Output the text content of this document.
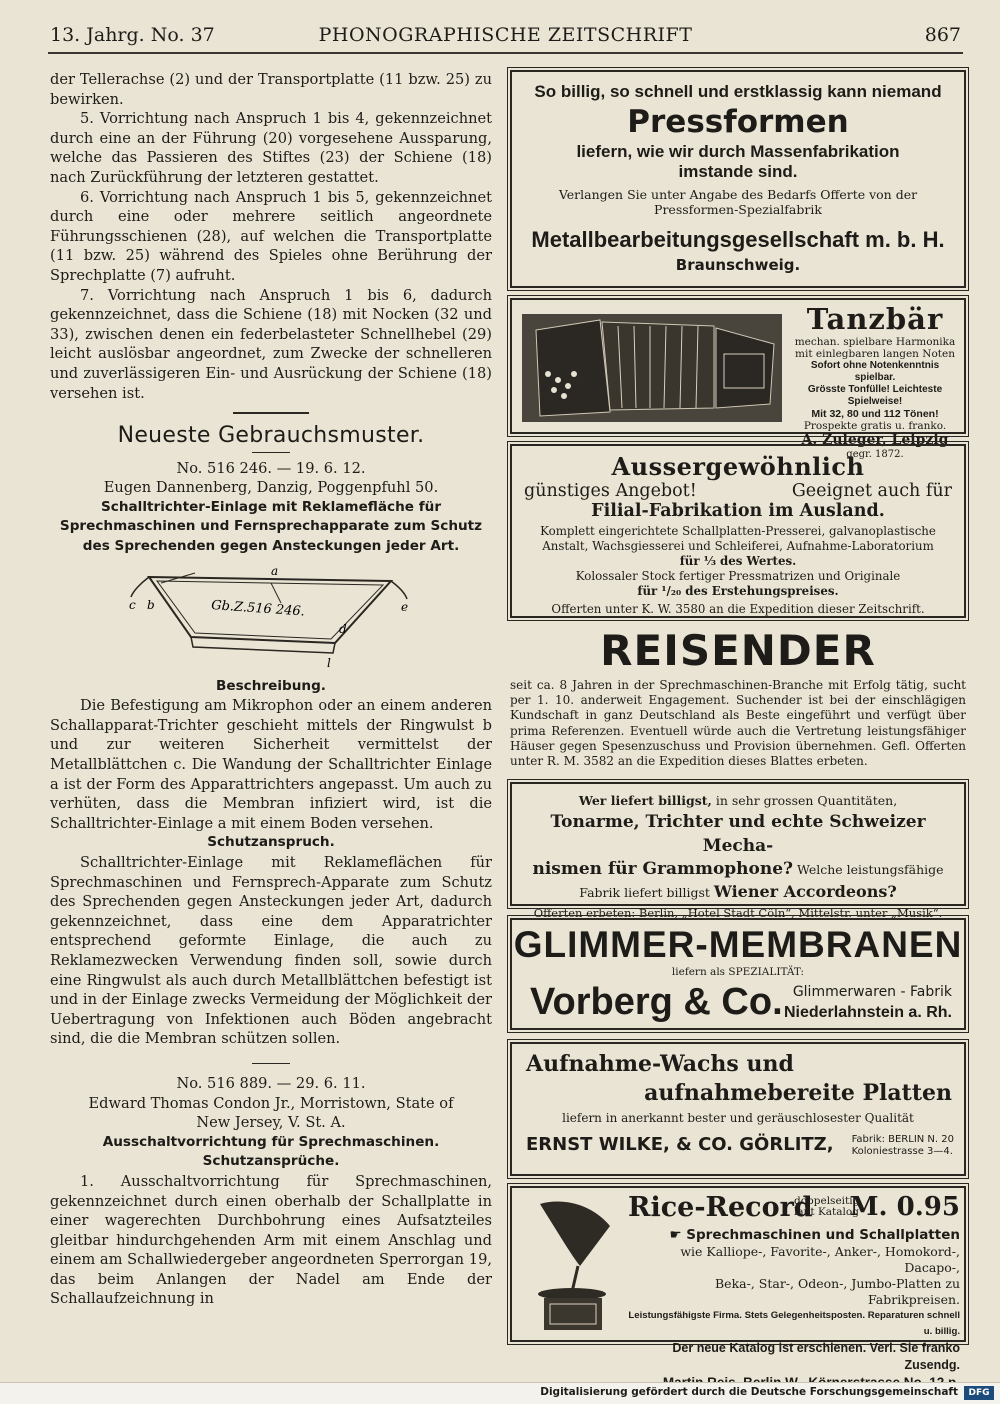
13. Jahrg. No. 37	PHONOGRAPHISCHE ZEITSCHRIFT	867

der Tellerachse (2) und der Transportplatte (11 bzw. 25) zu bewirken.

5. Vorrichtung nach Anspruch 1 bis 4, gekennzeichnet durch eine an der Führung (20) vorgesehene Aussparung, welche das Passieren des Stiftes (23) der Schiene (18) nach Zurückführung der letzteren gestattet.

6. Vorrichtung nach Anspruch 1 bis 5, gekennzeichnet durch eine oder mehrere seitlich angeordnete Führungsschienen (28), auf welchen die Transportplatte (11 bzw. 25) während des Spieles ohne Berührung der Sprechplatte (7) aufruht.

7. Vorrichtung nach Anspruch 1 bis 6, dadurch gekennzeichnet, dass die Schiene (18) mit Nocken (32 und 33), zwischen denen ein federbelasteter Schnellhebel (29) leicht auslösbar angeordnet, zum Zwecke der schnelleren und zuverlässigeren Ein- und Ausrückung der Schiene (18) versehen ist.

Neueste Gebrauchsmuster.

No. 516 246. — 19. 6. 12.

Eugen Dannenberg, Danzig, Poggenpfuhl 50.

Schalltrichter-Einlage mit Reklamefläche für Sprechmaschinen und Fernsprechapparate zum Schutz des Sprechenden gegen Ansteckungen jeder Art.

a
c b	e
d
l
Gb.Z.516 246.

Beschreibung.

Die Befestigung am Mikrophon oder an einem anderen Schallapparat-Trichter geschieht mittels der Ringwulst b und zur weiteren Sicherheit vermittelst der Metallblättchen c. Die Wandung der Schalltrichter Einlage a ist der Form des Apparattrichters angepasst. Um auch zu verhüten, dass die Membran infiziert wird, ist die Schalltrichter-Einlage a mit einem Boden versehen.

Schutzanspruch.

Schalltrichter-Einlage mit Reklameflächen für Sprechmaschinen und Fernsprech-Apparate zum Schutz des Sprechenden gegen Ansteckungen jeder Art, dadurch gekennzeichnet, dass eine dem Apparatrichter entsprechend geformte Einlage, die auch zu Reklamezwecken Verwendung finden soll, sowie durch eine Ringwulst als auch durch Metallblättchen befestigt ist und in der Einlage zwecks Vermeidung der Möglichkeit der Uebertragung von Infektionen auch Böden angebracht sind, die die Membran schützen sollen.

No. 516 889. — 29. 6. 11.

Edward Thomas Condon Jr., Morristown, State of New Jersey, V. St. A.

Ausschaltvorrichtung für Sprechmaschinen.

Schutzansprüche.

1. Ausschaltvorrichtung für Sprechmaschinen, gekennzeichnet durch einen oberhalb der Schallplatte in einer wagerechten Durchbohrung eines Aufsatzteiles gleitbar hindurchgehenden Arm mit einem Anschlag und einem am Schallwiedergeber angeordneten Sperrorgan 19, das beim Anlangen der Nadel am Ende der Schallaufzeichnung in

So billig, so schnell und erstklassig kann niemand

Pressformen

liefern, wie wir durch Massenfabrikation

imstande sind.

Verlangen Sie unter Angabe des Bedarfs Offerte von der

Pressformen-Spezialfabrik

Metallbearbeitungsgesellschaft m. b. H.

Braunschweig.

Tanzbär

mechan. spielbare Harmonika

mit einlegbaren langen Noten

Sofort ohne Notenkenntnis spielbar.

Grösste Tonfülle! Leichteste Spielweise!

Mit 32, 80 und 112 Tönen!

Prospekte gratis u. franko.

A. Zuleger, Leipzig

gegr. 1872.

Aussergewöhnlich

günstiges Angebot!	Geeignet auch für

Filial-Fabrikation im Ausland.

Komplett eingerichtete Schallplatten-Presserei, galvanoplastische

Anstalt, Wachsgiesserei und Schleiferei, Aufnahme-Laboratorium

für ⅓ des Wertes.

Kolossaler Stock fertiger Pressmatrizen und Originale

für ¹/₂₀ des Erstehungspreises.

Offerten unter K. W. 3580 an die Expedition dieser Zeitschrift.

REISENDER

seit ca. 8 Jahren in der Sprechmaschinen-Branche mit Erfolg tätig, sucht per 1. 10. anderweit Engagement. Suchender ist bei der einschlägigen Kundschaft in ganz Deutschland als Beste eingeführt und verfügt über prima Referenzen. Eventuell würde auch die Vertretung leistungsfähiger Häuser gegen Spesenzuschuss und Provision übernehmen. Gefl. Offerten unter R. M. 3582 an die Expedition dieses Blattes erbeten.

Wer liefert billigst, in sehr grossen Quantitäten,

Tonarme, Trichter und echte Schweizer Mecha-

nismen für Grammophone? Welche leistungsfähige

Fabrik liefert billigst Wiener Accordeons?

Offerten erbeten: Berlin, „Hotel Stadt Cöln“, Mittelstr. unter „Musik“.

GLIMMER-MEMBRANEN

liefern als SPEZIALITÄT:

Vorberg & Co. Glimmerwaren - Fabrik
Niederlahnstein a. Rh.

Aufnahme-Wachs und

aufnahmebereite Platten

liefern in anerkannt bester und geräuschlosester Qualität

ERNST WILKE, & CO. GÖRLITZ, Fabrik: BERLIN N. 20
Koloniestrasse 3—4.
Rice-Record
doppelseitig
laut Katalog
M. 0.95

☛ Sprechmaschinen und Schallplatten

wie Kalliope-, Favorite-, Anker-, Homokord-, Dacapo-,

Beka-, Star-, Odeon-, Jumbo-Platten zu Fabrikpreisen.

Leistungsfähigste Firma. Stets Gelegenheitsposten. Reparaturen schnell u. billig.

Der neue Katalog ist erschienen. Verl. Sie franko Zusendg.

Digitalisierung gefördert durch die Deutsche Forschungsgemeinschaft	DFG
